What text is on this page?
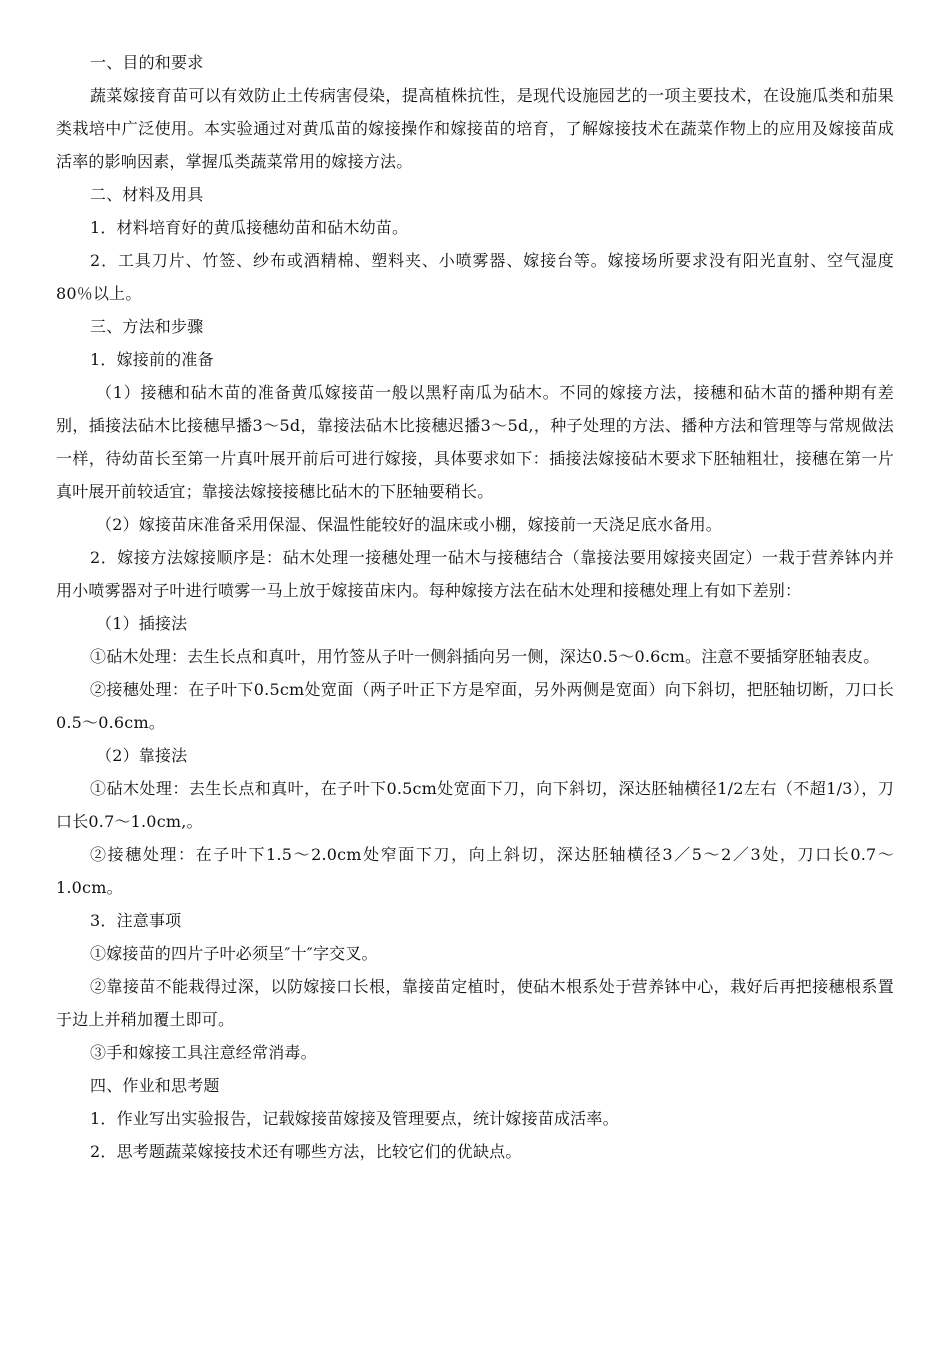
一、目的和要求

蔬菜嫁接育苗可以有效防止土传病害侵染，提高植株抗性，是现代设施园艺的一项主要技术，在设施瓜类和茄果类栽培中广泛使用。本实验通过对黄瓜苗的嫁接操作和嫁接苗的培育，了解嫁接技术在蔬菜作物上的应用及嫁接苗成活率的影响因素，掌握瓜类蔬菜常用的嫁接方法。

二、材料及用具

1．材料培育好的黄瓜接穗幼苗和砧木幼苗。

2．工具刀片、竹签、纱布或酒精棉、塑料夹、小喷雾器、嫁接台等。嫁接场所要求没有阳光直射、空气湿度80％以上。

三、方法和步骤

1．嫁接前的准备

（1）接穗和砧木苗的准备黄瓜嫁接苗一般以黑籽南瓜为砧木。不同的嫁接方法，接穗和砧木苗的播种期有差别，插接法砧木比接穗早播3～5d，靠接法砧木比接穗迟播3～5d,，种子处理的方法、播种方法和管理等与常规做法一样，待幼苗长至第一片真叶展开前后可进行嫁接，具体要求如下：插接法嫁接砧木要求下胚轴粗壮，接穗在第一片真叶展开前较适宜；靠接法嫁接接穗比砧木的下胚轴要稍长。

（2）嫁接苗床准备采用保湿、保温性能较好的温床或小棚，嫁接前一天浇足底水备用。

2．嫁接方法嫁接顺序是：砧木处理一接穗处理一砧木与接穗结合（靠接法要用嫁接夹固定）一栽于营养钵内并用小喷雾器对子叶进行喷雾一马上放于嫁接苗床内。每种嫁接方法在砧木处理和接穗处理上有如下差别：

（1）插接法

①砧木处理：去生长点和真叶，用竹签从子叶一侧斜插向另一侧，深达0.5～0.6cm。注意不要插穿胚轴表皮。

②接穗处理：在子叶下0.5cm处宽面（两子叶正下方是窄面，另外两侧是宽面）向下斜切，把胚轴切断，刀口长0.5～0.6cm。

（2）靠接法

①砧木处理：去生长点和真叶，在子叶下0.5cm处宽面下刀，向下斜切，深达胚轴横径1/2左右（不超1/3），刀口长0.7～1.0cm,。

②接穗处理：在子叶下1.5～2.0cm处窄面下刀，向上斜切，深达胚轴横径3／5～2／3处，刀口长0.7～1.0cm。

3．注意事项

①嫁接苗的四片子叶必须呈″十″字交叉。

②靠接苗不能栽得过深，以防嫁接口长根，靠接苗定植时，使砧木根系处于营养钵中心，栽好后再把接穗根系置于边上并稍加覆土即可。

③手和嫁接工具注意经常消毒。

四、作业和思考题

1．作业写出实验报告，记载嫁接苗嫁接及管理要点，统计嫁接苗成活率。

2．思考题蔬菜嫁接技术还有哪些方法，比较它们的优缺点。
